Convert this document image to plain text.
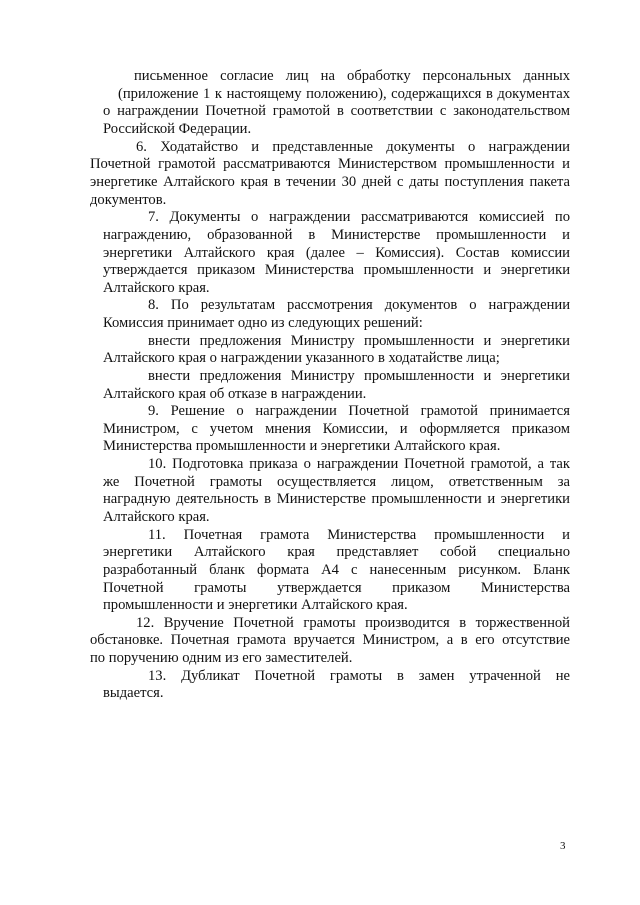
письменное согласие лиц на обработку персональных данных
(приложение 1 к настоящему положению), содержащихся в документах
о награждении Почетной грамотой в соответствии с законодательством
Российской Федерации.
6. Ходатайство и представленные документы о награждении
Почетной грамотой рассматриваются Министерством промышленности и
энергетике Алтайского края в течении 30 дней с даты поступления пакета
документов.
7. Документы о награждении рассматриваются комиссией по
награждению, образованной в Министерстве промышленности и
энергетики Алтайского края (далее – Комиссия). Состав комиссии
утверждается приказом Министерства промышленности и энергетики
Алтайского края.
8. По результатам рассмотрения документов о награждении
Комиссия принимает одно из следующих решений:
внести предложения Министру промышленности и энергетики
Алтайского края о награждении указанного в ходатайстве лица;
внести предложения Министру промышленности и энергетики
Алтайского края об отказе в награждении.
9. Решение о награждении Почетной грамотой принимается
Министром, с учетом мнения Комиссии, и оформляется приказом
Министерства промышленности и энергетики Алтайского края.
10. Подготовка приказа о награждении Почетной грамотой, а так
же Почетной грамоты осуществляется лицом, ответственным за
наградную деятельность в Министерстве промышленности и энергетики
Алтайского края.
11. Почетная грамота Министерства промышленности и
энергетики Алтайского края представляет собой специально
разработанный бланк формата А4 с нанесенным рисунком. Бланк
Почетной грамоты утверждается приказом Министерства
промышленности и энергетики Алтайского края.
12. Вручение Почетной грамоты производится в торжественной
обстановке. Почетная грамота вручается Министром, а в его отсутствие
по поручению одним из его заместителей.
13. Дубликат Почетной грамоты в замен утраченной не
выдается.
3
